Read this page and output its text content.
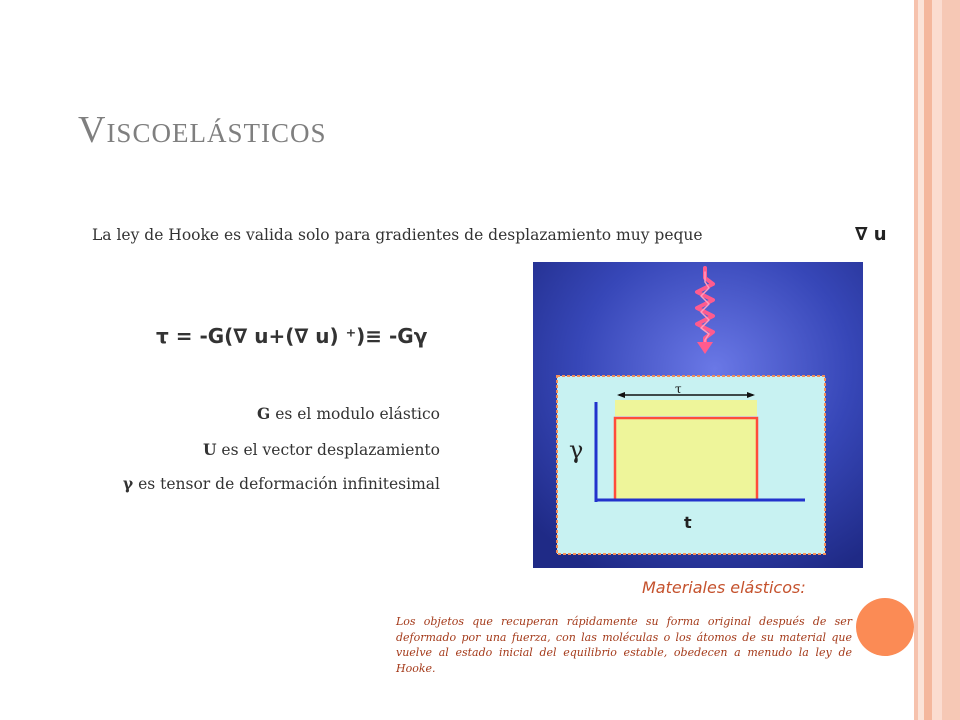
Viscoelásticos
La ley de Hooke es valida solo para gradientes de desplazamiento muy peque	∇ u
τ = -G(∇ u+(∇ u) ⁺)≡ -Gγ
G es el modulo elástico
U es el vector desplazamiento
γ es tensor de deformación infinitesimal
τ
γ
t
Materiales elásticos:
Los objetos que recuperan rápidamente su forma original después de ser deformado por una fuerza, con las moléculas o los átomos de su material que vuelve al estado inicial del equilibrio estable, obedecen a menudo la ley de Hooke.
